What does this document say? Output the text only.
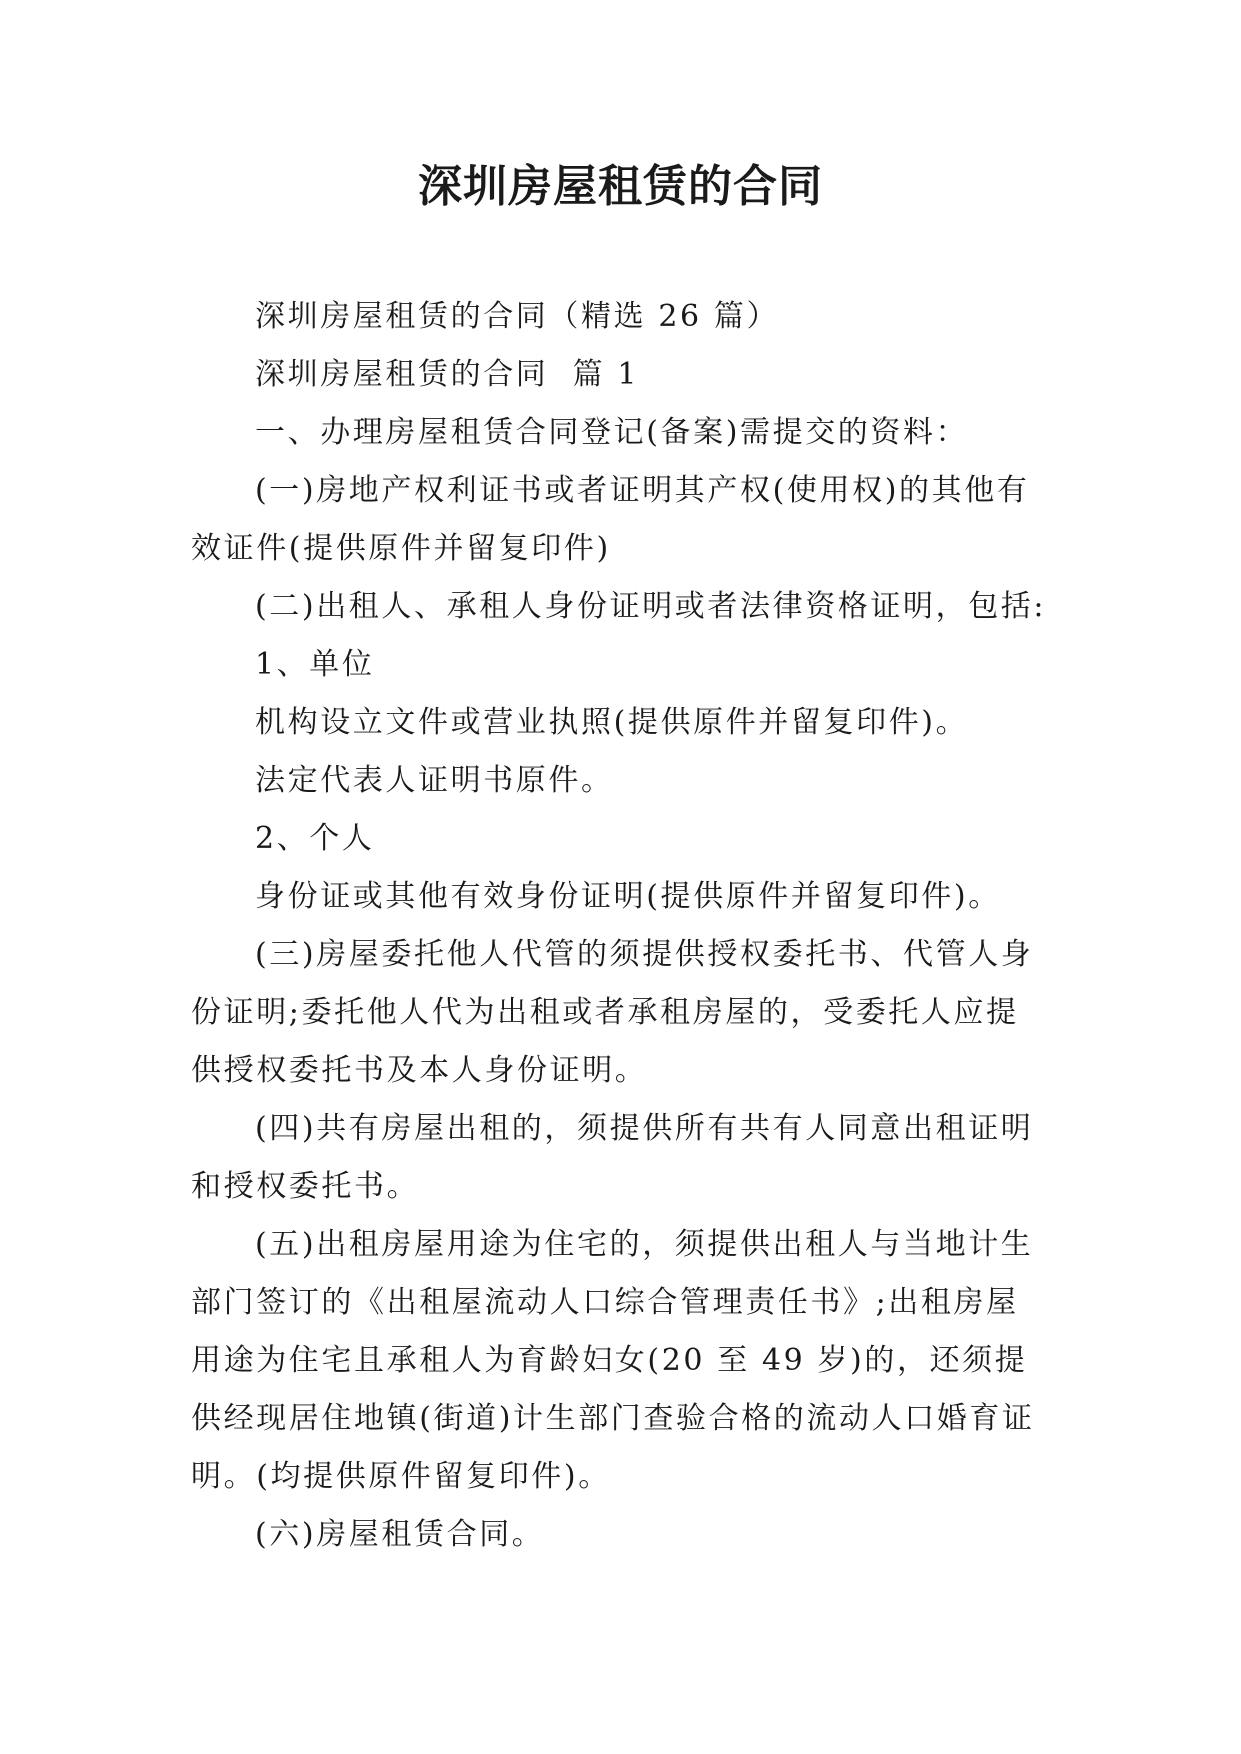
深圳房屋租赁的合同

深圳房屋租赁的合同（精选 26 篇）

深圳房屋租赁的合同  篇 1

一、办理房屋租赁合同登记(备案)需提交的资料：

(一)房地产权利证书或者证明其产权(使用权)的其他有效证件(提供原件并留复印件)

(二)出租人、承租人身份证明或者法律资格证明，包括:

1、单位

机构设立文件或营业执照(提供原件并留复印件)。

法定代表人证明书原件。

2、个人

身份证或其他有效身份证明(提供原件并留复印件)。

(三)房屋委托他人代管的须提供授权委托书、代管人身份证明;委托他人代为出租或者承租房屋的，受委托人应提供授权委托书及本人身份证明。

(四)共有房屋出租的，须提供所有共有人同意出租证明和授权委托书。

(五)出租房屋用途为住宅的，须提供出租人与当地计生部门签订的《出租屋流动人口综合管理责任书》;出租房屋用途为住宅且承租人为育龄妇女(20 至 49 岁)的，还须提供经现居住地镇(街道)计生部门查验合格的流动人口婚育证明。(均提供原件留复印件)。

(六)房屋租赁合同。
